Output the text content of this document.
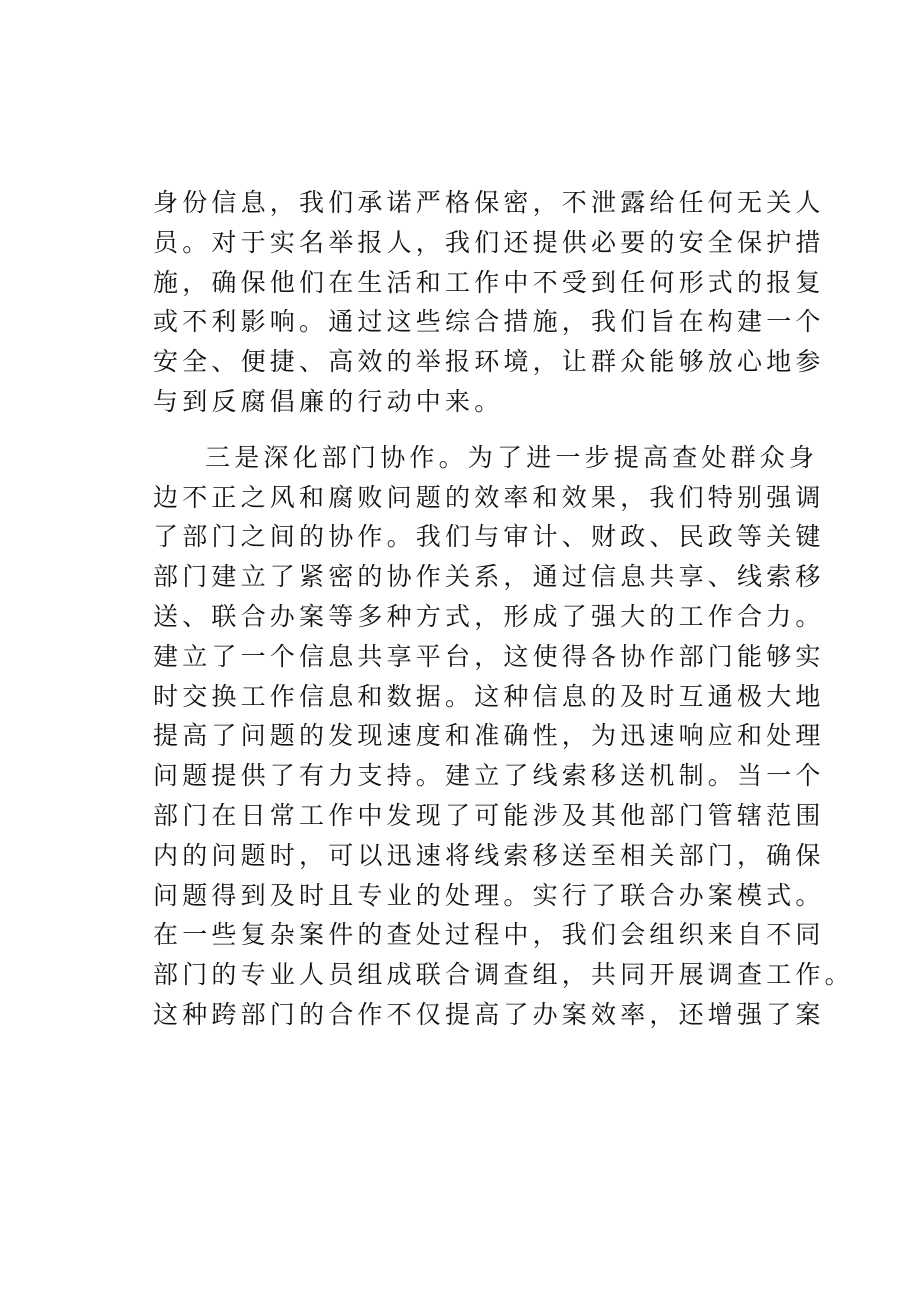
身份信息，我们承诺严格保密，不泄露给任何无关人
员。对于实名举报人，我们还提供必要的安全保护措
施，确保他们在生活和工作中不受到任何形式的报复
或不利影响。通过这些综合措施，我们旨在构建一个
安全、便捷、高效的举报环境，让群众能够放心地参
与到反腐倡廉的行动中来。
三是深化部门协作。为了进一步提高查处群众身
边不正之风和腐败问题的效率和效果，我们特别强调
了部门之间的协作。我们与审计、财政、民政等关键
部门建立了紧密的协作关系，通过信息共享、线索移
送、联合办案等多种方式，形成了强大的工作合力。
建立了一个信息共享平台，这使得各协作部门能够实
时交换工作信息和数据。这种信息的及时互通极大地
提高了问题的发现速度和准确性，为迅速响应和处理
问题提供了有力支持。建立了线索移送机制。当一个
部门在日常工作中发现了可能涉及其他部门管辖范围
内的问题时，可以迅速将线索移送至相关部门，确保
问题得到及时且专业的处理。实行了联合办案模式。
在一些复杂案件的查处过程中，我们会组织来自不同
部门的专业人员组成联合调查组，共同开展调查工作。
这种跨部门的合作不仅提高了办案效率，还增强了案
